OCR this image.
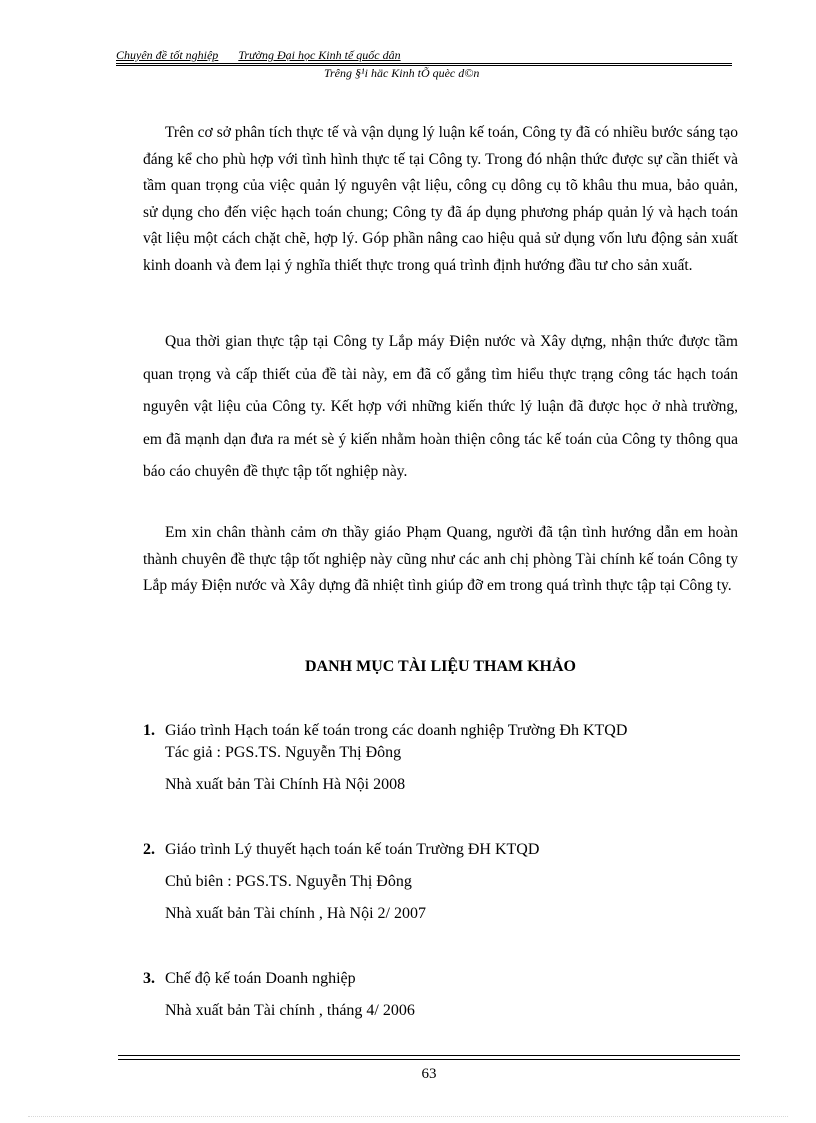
Chuyên đề tốt nghiệp Trường Đại học Kinh tế quốc dân
Trêng §¹i häc Kinh tÕ quèc d©n

Trên cơ sở phân tích thực tế và vận dụng lý luận kế toán, Công ty đã có nhiều bước sáng tạo đáng kể cho phù hợp với tình hình thực tế tại Công ty. Trong đó nhận thức được sự cần thiết và tầm quan trọng của việc quản lý nguyên vật liệu, công cụ dông cụ tõ khâu thu mua, bảo quản, sử dụng cho đến việc hạch toán chung; Công ty đã áp dụng phương pháp quản lý và hạch toán vật liệu một cách chặt chẽ, hợp lý. Góp phần nâng cao hiệu quả sử dụng vốn lưu động sản xuất kinh doanh và đem lại ý nghĩa thiết thực trong quá trình định hướng đầu tư cho sản xuất.

Qua thời gian thực tập tại Công ty Lắp máy Điện nước và Xây dựng, nhận thức được tầm quan trọng và cấp thiết của đề tài này, em đã cố gắng tìm hiểu thực trạng công tác hạch toán nguyên vật liệu của Công ty. Kết hợp với những kiến thức lý luận đã được học ở nhà trường, em đã mạnh dạn đưa ra mét sè ý kiến nhằm hoàn thiện công tác kế toán của Công ty thông qua báo cáo chuyên đề thực tập tốt nghiệp này.

Em xin chân thành cảm ơn thầy giáo Phạm Quang, người đã tận tình hướng dẫn em hoàn thành chuyên đề thực tập tốt nghiệp này cũng như các anh chị phòng Tài chính kế toán Công ty Lắp máy Điện nước và Xây dựng đã nhiệt tình giúp đỡ em trong quá trình thực tập tại Công ty.

DANH MỤC TÀI LIỆU THAM KHẢO
1. Giáo trình Hạch toán kế toán trong các doanh nghiệp Trường Đh KTQD
Tác giả : PGS.TS. Nguyễn Thị Đông
Nhà xuất bản Tài Chính Hà Nội 2008
2. Giáo trình Lý thuyết hạch toán kế toán Trường ĐH KTQD
Chủ biên : PGS.TS. Nguyễn Thị Đông
Nhà xuất bản Tài chính , Hà Nội 2/ 2007
3. Chế độ kế toán Doanh nghiệp
Nhà xuất bản Tài chính , tháng 4/ 2006
63
